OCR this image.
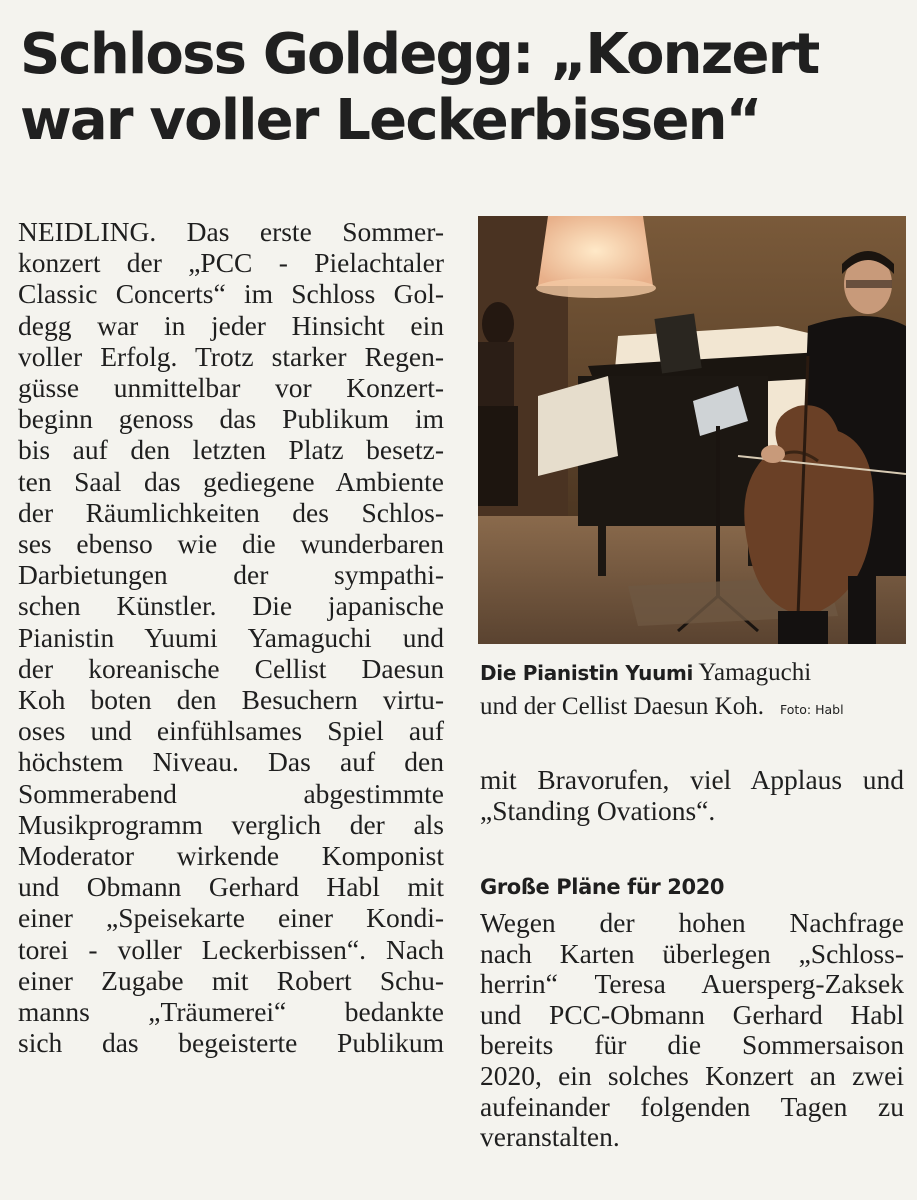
Schloss Goldegg: „Konzert
war voller Leckerbissen“

NEIDLING. Das erste Sommer-
konzert der „PCC - Pielachtaler
Classic Concerts“ im Schloss Gol-
degg war in jeder Hinsicht ein
voller Erfolg. Trotz starker Regen-
güsse unmittelbar vor Konzert-
beginn genoss das Publikum im
bis auf den letzten Platz besetz-
ten Saal das gediegene Ambiente
der Räumlichkeiten des Schlos-
ses ebenso wie die wunderbaren
Darbietungen der sympathi-
schen Künstler. Die japanische
Pianistin Yuumi Yamaguchi und
der koreanische Cellist Daesun
Koh boten den Besuchern virtu-
oses und einfühlsames Spiel auf
höchstem Niveau. Das auf den
Sommerabend abgestimmte
Musikprogramm verglich der als
Moderator wirkende Komponist
und Obmann Gerhard Habl mit
einer „Speisekarte einer Kondi-
torei - voller Leckerbissen“. Nach
einer Zugabe mit Robert Schu-
manns „Träumerei“ bedankte
sich das begeisterte Publikum

Die Pianistin Yuumi Yamaguchi
und der Cellist Daesun Koh. Foto: Habl

mit Bravorufen, viel Applaus und
„Standing Ovations“.

Große Pläne für 2020

Wegen der hohen Nachfrage
nach Karten überlegen „Schloss-
herrin“ Teresa Auersperg-Zaksek
und PCC-Obmann Gerhard Habl
bereits für die Sommersaison
2020, ein solches Konzert an zwei
aufeinander folgenden Tagen zu
veranstalten.
